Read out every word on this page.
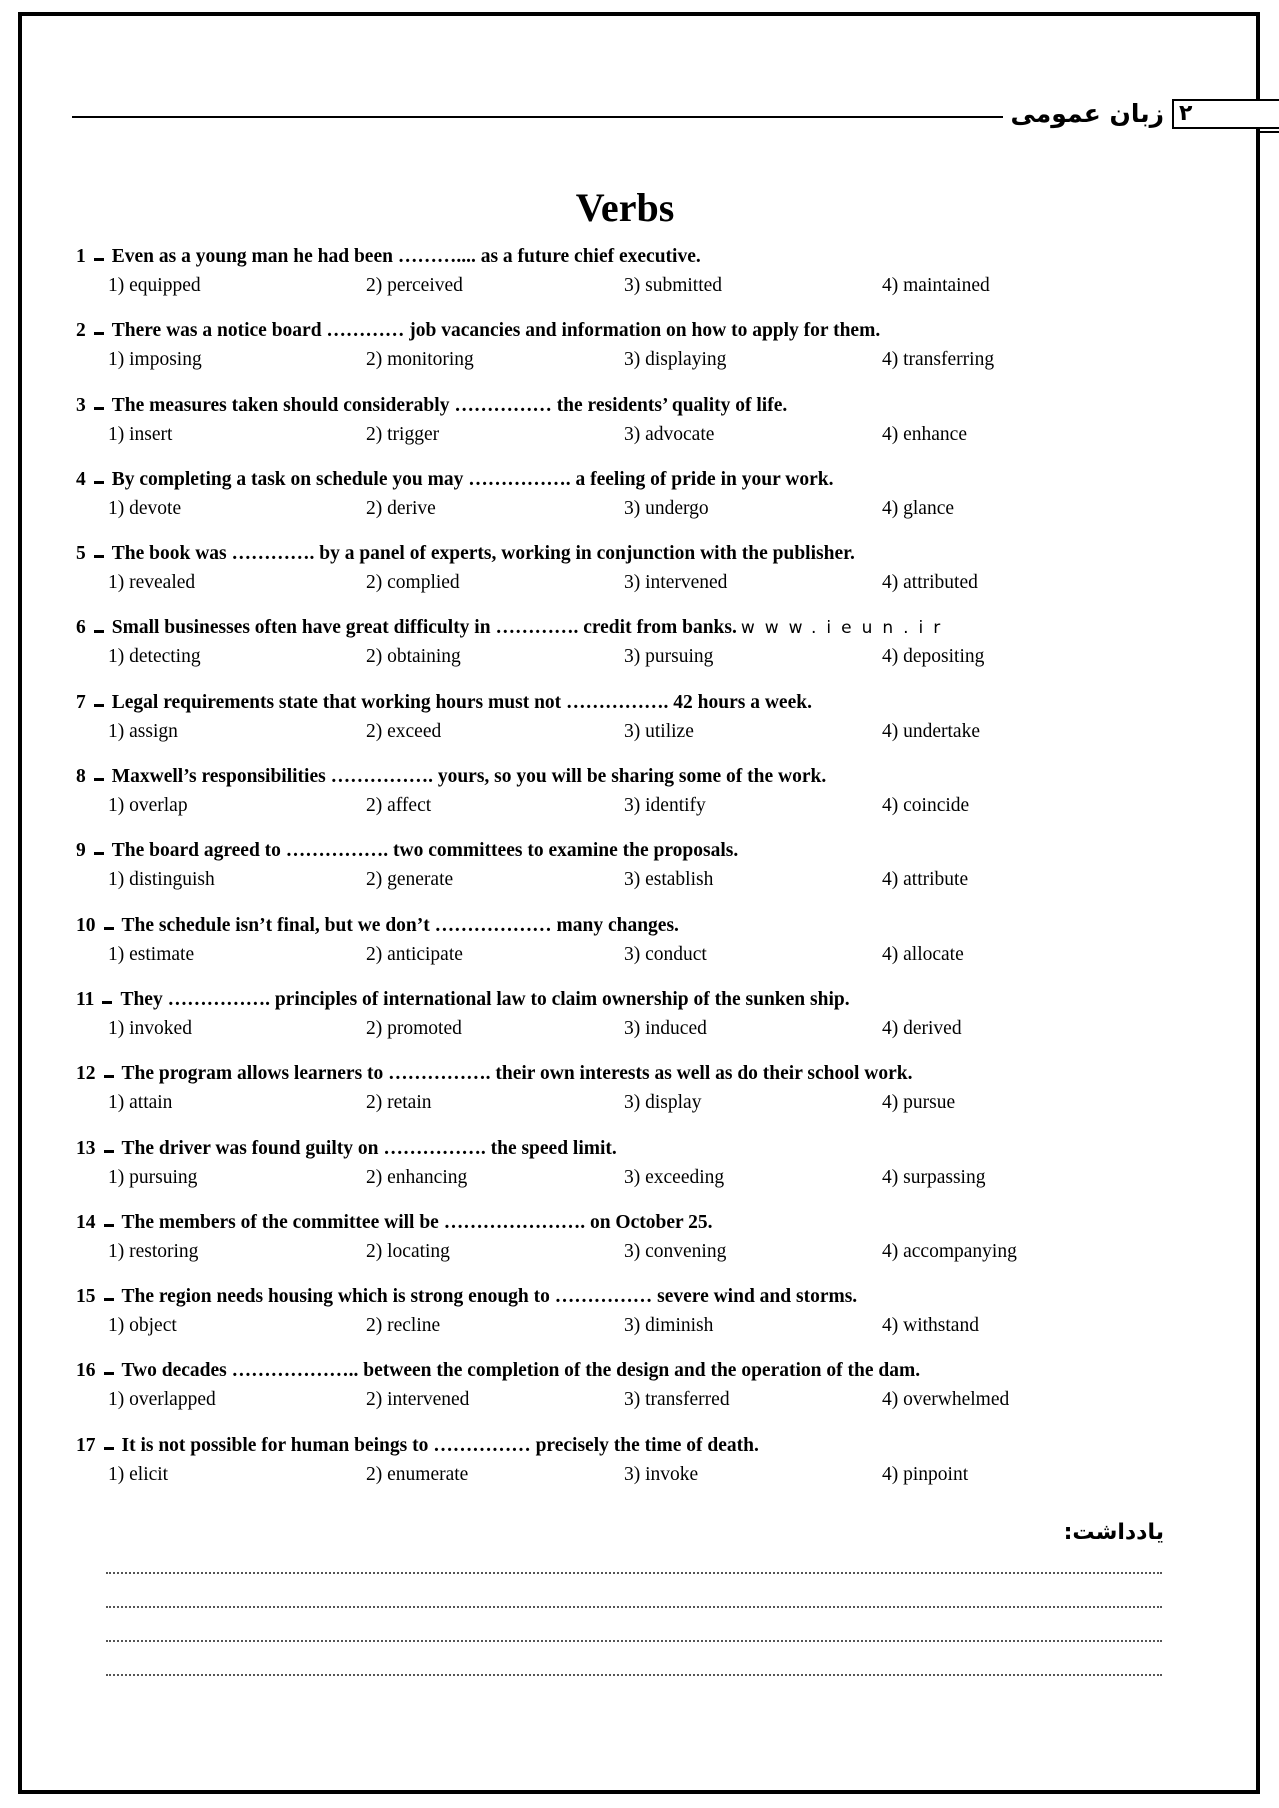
زبان عمومی ۲
Verbs
1 Even as a young man he had been ……….... as a future chief executive.
1) equipped	2) perceived	3) submitted	4) maintained
2 There was a notice board ………… job vacancies and information on how to apply for them.
1) imposing	2) monitoring	3) displaying	4) transferring
3 The measures taken should considerably …………… the residents’ quality of life.
1) insert	2) trigger	3) advocate	4) enhance
4 By completing a task on schedule you may ……………. a feeling of pride in your work.
1) devote	2) derive	3) undergo	4) glance
5 The book was …………. by a panel of experts, working in conjunction with the publisher.
1) revealed	2) complied	3) intervened	4) attributed
6 Small businesses often have great difficulty in …………. credit from banks. www.ieun.ir
1) detecting	2) obtaining	3) pursuing	4) depositing
7 Legal requirements state that working hours must not ……………. 42 hours a week.
1) assign	2) exceed	3) utilize	4) undertake
8 Maxwell’s responsibilities ……………. yours, so you will be sharing some of the work.
1) overlap	2) affect	3) identify	4) coincide
9 The board agreed to ……………. two committees to examine the proposals.
1) distinguish	2) generate	3) establish	4) attribute
10 The schedule isn’t final, but we don’t ……………… many changes.
1) estimate	2) anticipate	3) conduct	4) allocate
11 They ……………. principles of international law to claim ownership of the sunken ship.
1) invoked	2) promoted	3) induced	4) derived
12 The program allows learners to ……………. their own interests as well as do their school work.
1) attain	2) retain	3) display	4) pursue
13 The driver was found guilty on ……………. the speed limit.
1) pursuing	2) enhancing	3) exceeding	4) surpassing
14 The members of the committee will be …………………. on October 25.
1) restoring	2) locating	3) convening	4) accompanying
15 The region needs housing which is strong enough to …………… severe wind and storms.
1) object	2) recline	3) diminish	4) withstand
16 Two decades ……………….. between the completion of the design and the operation of the dam.
1) overlapped	2) intervened	3) transferred	4) overwhelmed
17 It is not possible for human beings to …………… precisely the time of death.
1) elicit	2) enumerate	3) invoke	4) pinpoint
یادداشت:
